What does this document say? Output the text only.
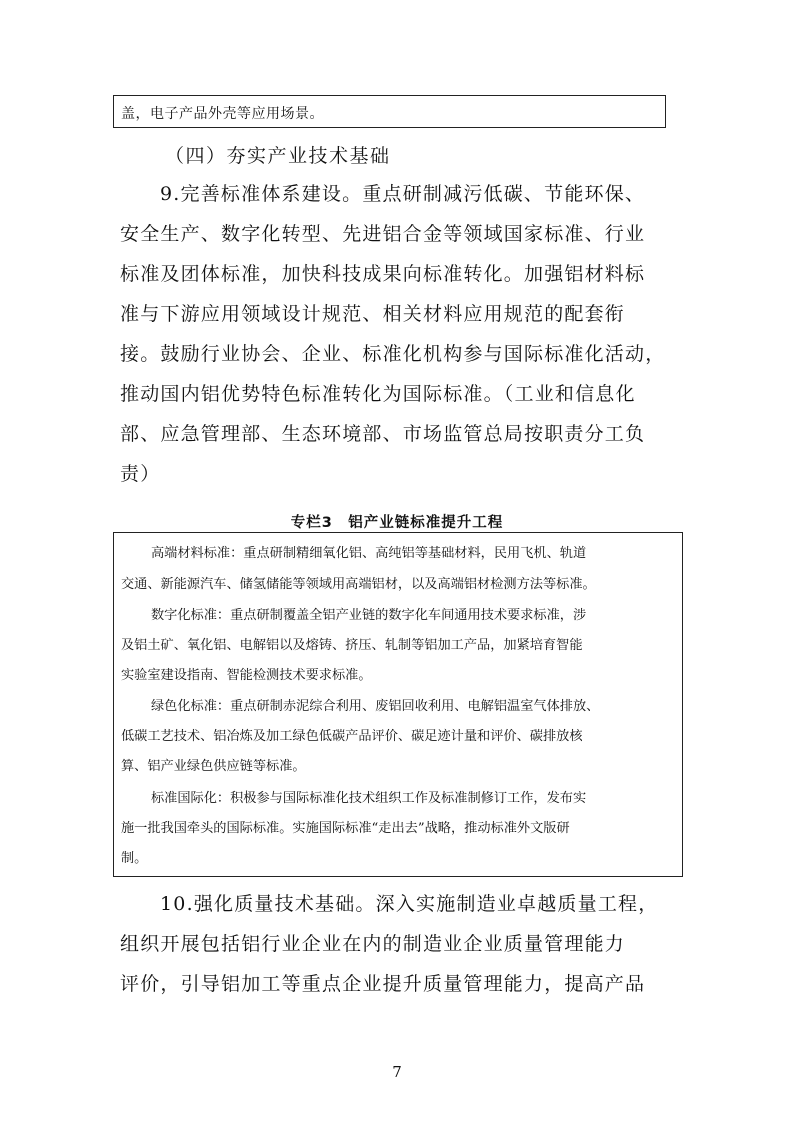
盖，电子产品外壳等应用场景。
（四）夯实产业技术基础
9.完善标准体系建设。重点研制减污低碳、节能环保、
安全生产、数字化转型、先进铝合金等领域国家标准、行业
标准及团体标准，加快科技成果向标准转化。加强铝材料标
准与下游应用领域设计规范、相关材料应用规范的配套衔
接。鼓励行业协会、企业、标准化机构参与国际标准化活动，
推动国内铝优势特色标准转化为国际标准。（工业和信息化
部、应急管理部、生态环境部、市场监管总局按职责分工负
责）
专栏3　铝产业链标准提升工程
高端材料标准：重点研制精细氧化铝、高纯铝等基础材料，民用飞机、轨道
交通、新能源汽车、储氢储能等领域用高端铝材，以及高端铝材检测方法等标准。
数字化标准：重点研制覆盖全铝产业链的数字化车间通用技术要求标准，涉
及铝土矿、氧化铝、电解铝以及熔铸、挤压、轧制等铝加工产品，加紧培育智能
实验室建设指南、智能检测技术要求标准。
绿色化标准：重点研制赤泥综合利用、废铝回收利用、电解铝温室气体排放、
低碳工艺技术、铝冶炼及加工绿色低碳产品评价、碳足迹计量和评价、碳排放核
算、铝产业绿色供应链等标准。
标准国际化：积极参与国际标准化技术组织工作及标准制修订工作，发布实
施一批我国牵头的国际标准。实施国际标准“走出去”战略，推动标准外文版研
制。
10.强化质量技术基础。深入实施制造业卓越质量工程，
组织开展包括铝行业企业在内的制造业企业质量管理能力
评价，引导铝加工等重点企业提升质量管理能力，提高产品
7
